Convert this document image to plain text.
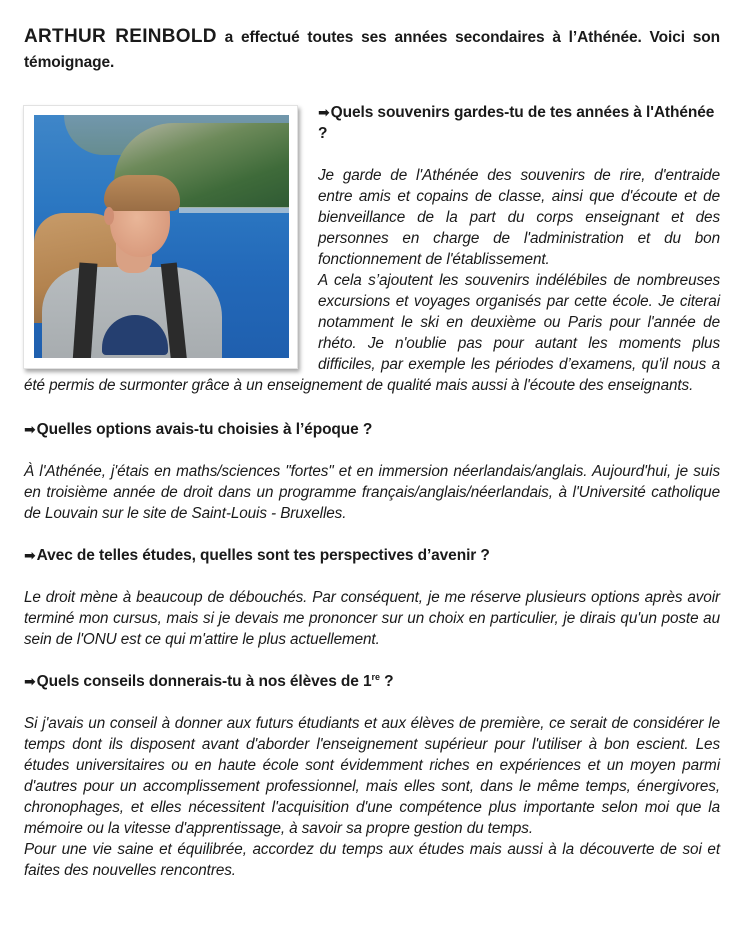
ARTHUR REINBOLD a effectué toutes ses années secondaires à l’Athénée. Voici son témoignage.

➡Quels souvenirs gardes-tu de tes années à l'Athénée ?

Je garde de l'Athénée des souvenirs de rire, d'entraide entre amis et copains de classe, ainsi que d'écoute et de bienveillance de la part du corps enseignant et des personnes en charge de l'administration et du bon fonctionnement de l'établissement.

A cela s’ajoutent les souvenirs indélébiles de nombreuses excursions et voyages organisés par cette école. Je citerai notamment le ski en deuxième ou Paris pour l'année de rhéto. Je n'oublie pas pour autant les moments plus difficiles, par exemple les périodes d’examens, qu'il nous a été permis de surmonter grâce à un enseignement de qualité mais aussi à l'écoute des enseignants.

➡Quelles options avais-tu choisies à l’époque ?

À l'Athénée, j'étais en maths/sciences "fortes" et en immersion néerlandais/anglais. Aujourd'hui, je suis en troisième année de droit dans un programme français/anglais/néerlandais, à l'Université catholique de Louvain sur le site de Saint-Louis - Bruxelles.

➡Avec de telles études, quelles sont tes perspectives d’avenir ?

Le droit mène à beaucoup de débouchés. Par conséquent, je me réserve plusieurs options après avoir terminé mon cursus, mais si je devais me prononcer sur un choix en particulier, je dirais qu'un poste au sein de l'ONU est ce qui m'attire le plus actuellement.

➡Quels conseils donnerais-tu à nos élèves de 1re ?

Si j'avais un conseil à donner aux futurs étudiants et aux élèves de première, ce serait de considérer le temps dont ils disposent avant d'aborder l'enseignement supérieur pour l'utiliser à bon escient. Les études universitaires ou en haute école sont évidemment riches en expériences et un moyen parmi d'autres pour un accomplissement professionnel, mais elles sont, dans le même temps, énergivores, chronophages, et elles nécessitent l'acquisition d'une compétence plus importante selon moi que la mémoire ou la vitesse d'apprentissage, à savoir sa propre gestion du temps.

Pour une vie saine et équilibrée, accordez du temps aux études mais aussi à la découverte de soi et faites des nouvelles rencontres.
